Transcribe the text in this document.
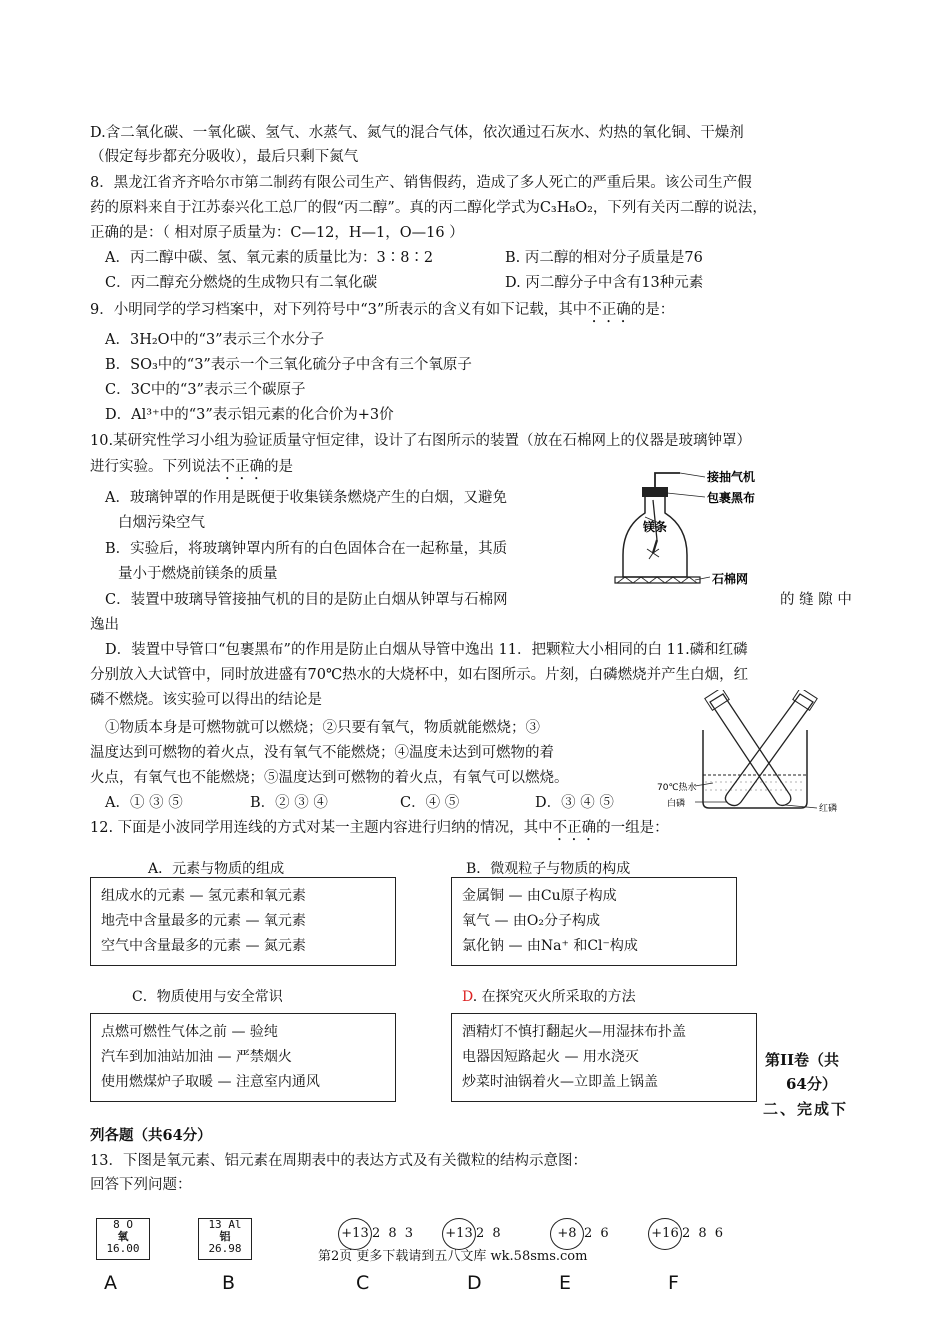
D.含二氧化碳、一氧化碳、氢气、水蒸气、氮气的混合气体，依次通过石灰水、灼热的氧化铜、干燥剂
（假定每步都充分吸收），最后只剩下氮气
8．黑龙江省齐齐哈尔市第二制药有限公司生产、销售假药，造成了多人死亡的严重后果。该公司生产假
药的原料来自于江苏泰兴化工总厂的假“丙二醇”。真的丙二醇化学式为C₃H₈O₂，下列有关丙二醇的说法，
正确的是：（ 相对原子质量为：C—12，H—1，O—16 ）
A．丙二醇中碳、氢、氧元素的质量比为：3∶8∶2	B. 丙二醇的相对分子质量是76
C．丙二醇充分燃烧的生成物只有二氧化碳	D. 丙二醇分子中含有13种元素
9．小明同学的学习档案中，对下列符号中“3”所表示的含义有如下记载，其中不正确的是：
A．3H₂O中的“3”表示三个水分子
B．SO₃中的“3”表示一个三氧化硫分子中含有三个氧原子
C．3C中的“3”表示三个碳原子
D．Al³⁺中的“3”表示铝元素的化合价为+3价
10.某研究性学习小组为验证质量守恒定律，设计了右图所示的装置（放在石棉网上的仪器是玻璃钟罩）
进行实验。下列说法不正确的是
A．玻璃钟罩的作用是既便于收集镁条燃烧产生的白烟，又避免
白烟污染空气
B．实验后，将玻璃钟罩内所有的白色固体合在一起称量，其质
量小于燃烧前镁条的质量
C．装置中玻璃导管接抽气机的目的是防止白烟从钟罩与石棉网	的 缝 隙 中
逸出
D．装置中导管口“包裹黑布”的作用是防止白烟从导管中逸出 11．把颗粒大小相同的白 11.磷和红磷
分别放入大试管中，同时放进盛有70℃热水的大烧杯中，如右图所示。片刻，白磷燃烧并产生白烟，红
磷不燃烧。该实验可以得出的结论是
接抽气机
包裹黑布
镁条
石棉网
①物质本身是可燃物就可以燃烧；②只要有氧气，物质就能燃烧；③
温度达到可燃物的着火点，没有氧气不能燃烧；④温度未达到可燃物的着
火点，有氧气也不能燃烧；⑤温度达到可燃物的着火点，有氧气可以燃烧。
A．① ③ ⑤	B．② ③ ④	C．④ ⑤	D．③ ④ ⑤
70℃热水
白磷	红磷
12. 下面是小波同学用连线的方式对某一主题内容进行归纳的情况，其中不正确的一组是：
A．元素与物质的组成
组成水的元素 — 氢元素和氧元素
地壳中含量最多的元素 — 氧元素
空气中含量最多的元素 — 氮元素
B．微观粒子与物质的构成
金属铜 — 由Cu原子构成
氧气 — 由O₂分子构成
氯化钠 — 由Na⁺ 和Cl⁻构成
C．物质使用与安全常识
点燃可燃性气体之前 — 验纯
汽车到加油站加油 — 严禁烟火
使用燃煤炉子取暖 — 注意室内通风
D. 在探究灭火所采取的方法
酒精灯不慎打翻起火—用湿抹布扑盖
电器因短路起火 — 用水浇灭
炒菜时油锅着火—立即盖上锅盖
第II卷（共
64分）
二、完成下
列各题（共64分）
13．下图是氧元素、铝元素在周期表中的表达方式及有关微粒的结构示意图：
回答下列问题：
8 O
氧
16.00
13 Al
铝
26.98
+13 2 8 3 +13 2 8	+8 2 6	+16 2 8 6
第2页 更多下载请到五八文库 wk.58sms.com
A	B	C	D	E	F
